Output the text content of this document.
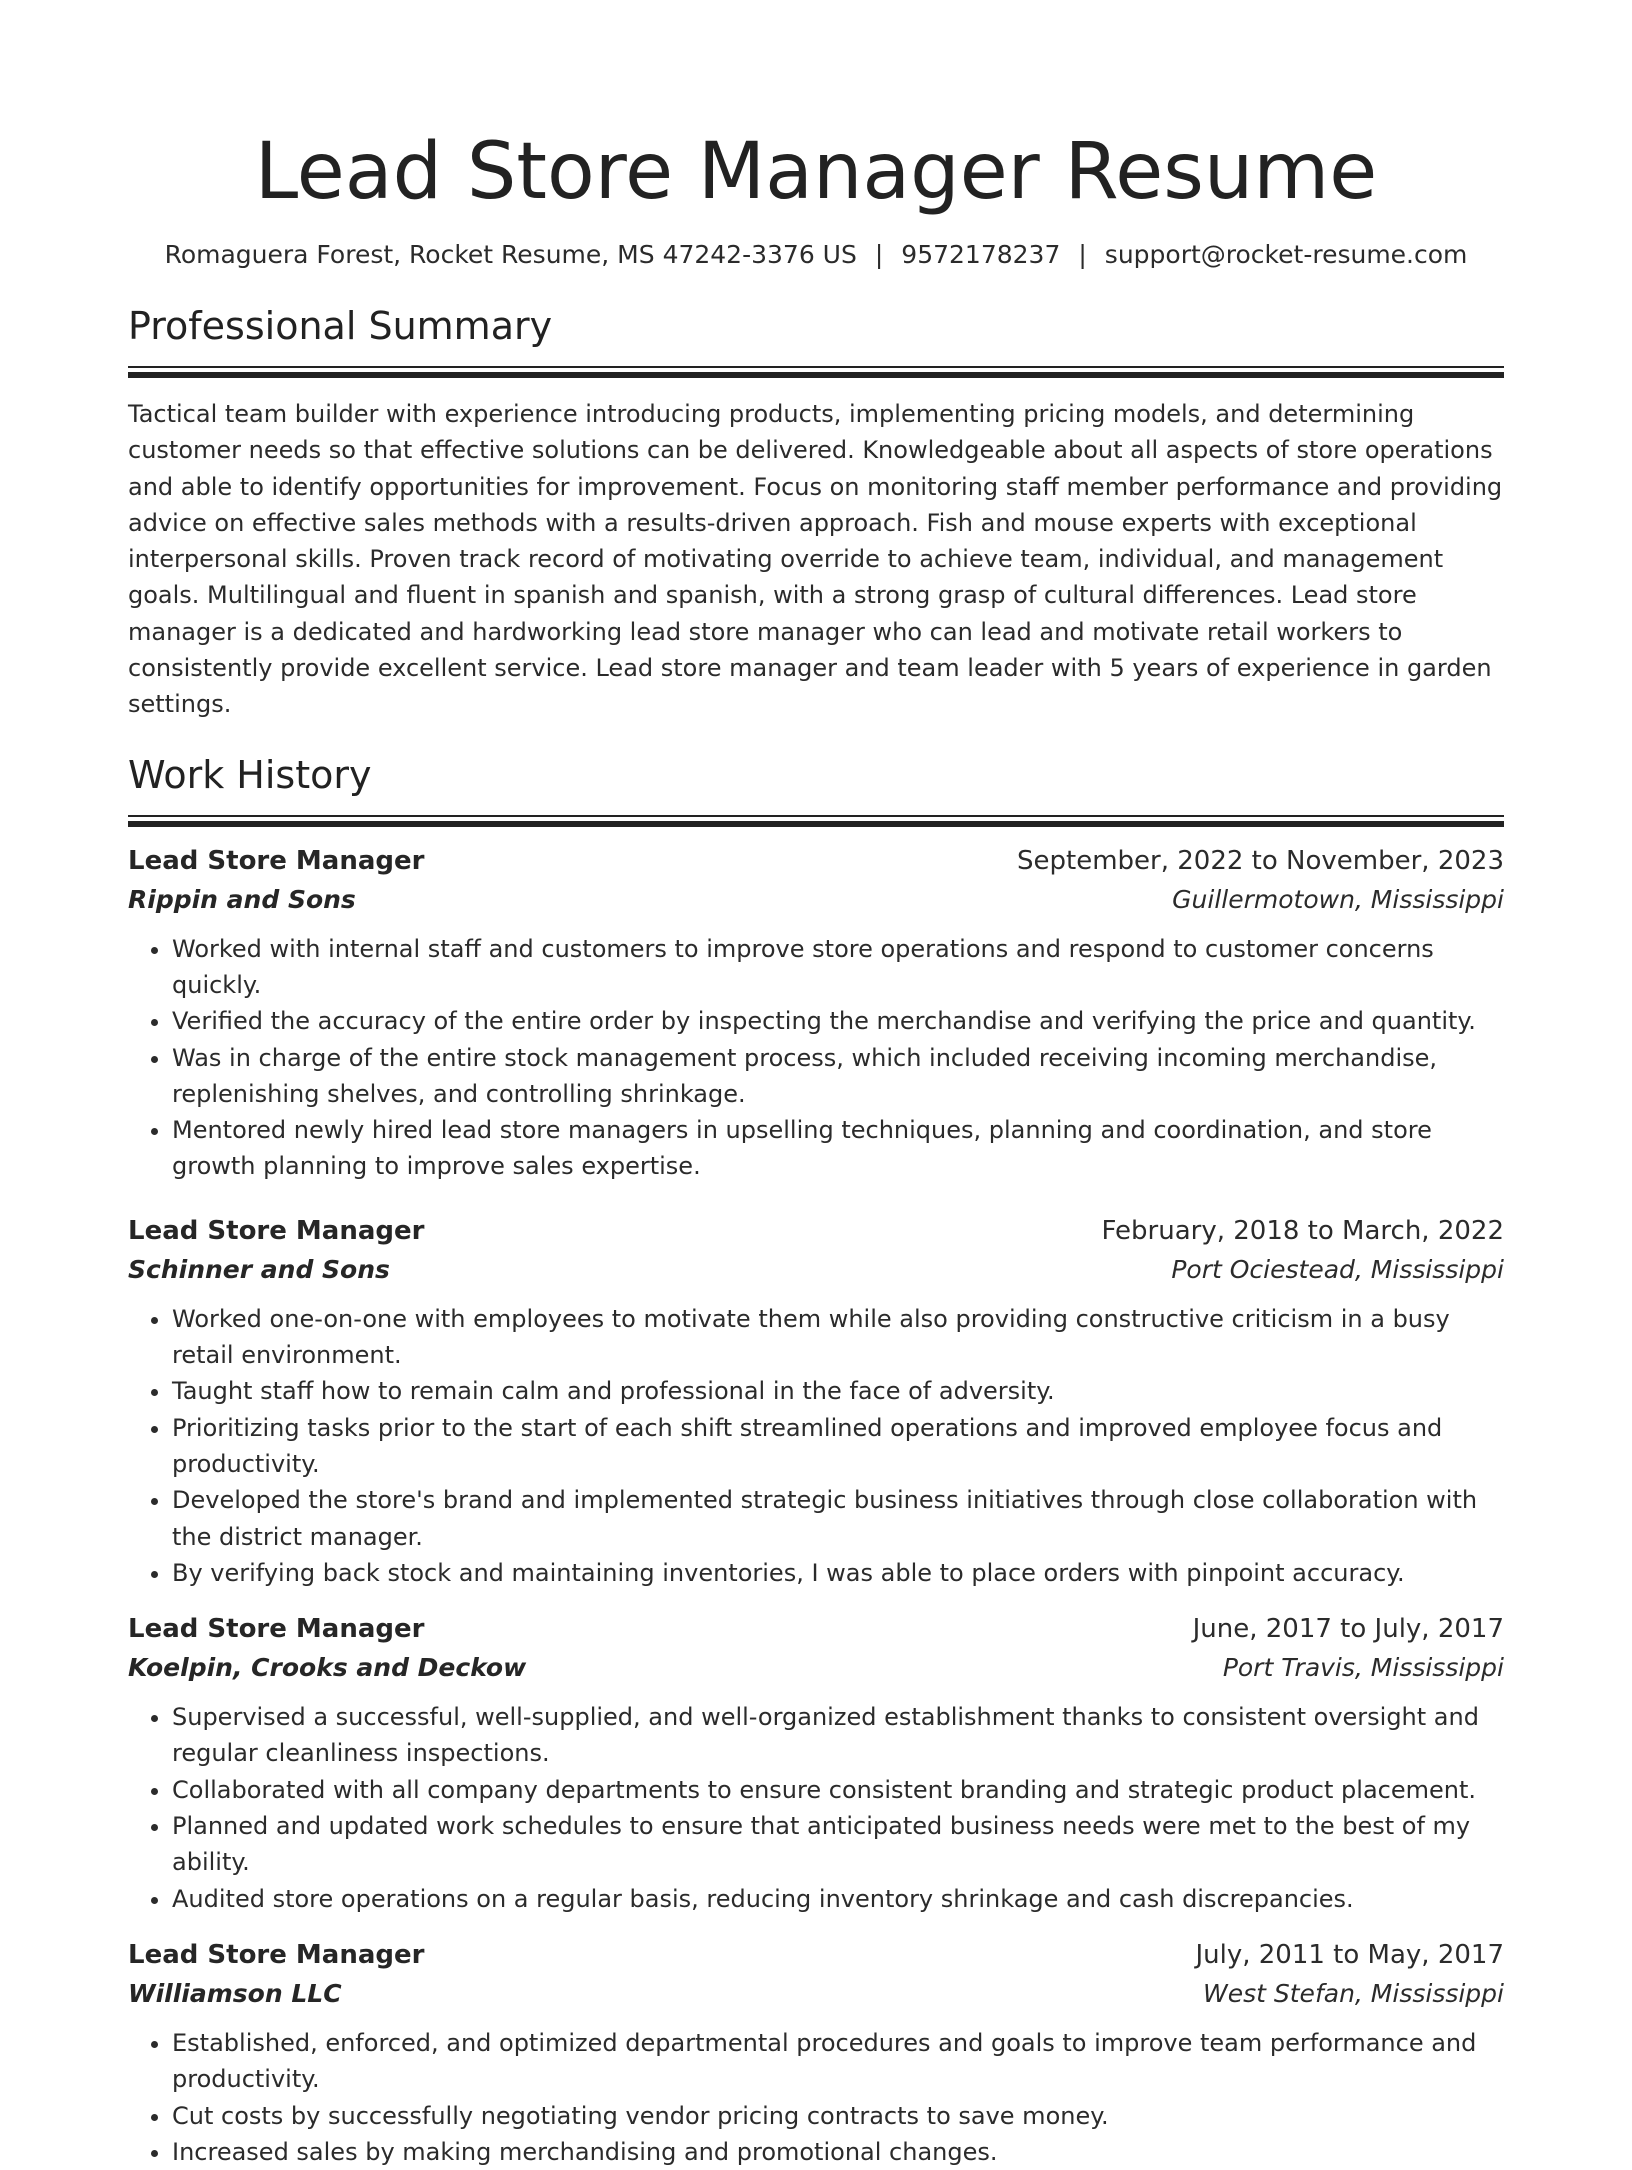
Lead Store Manager Resume
Romaguera Forest, Rocket Resume, MS 47242-3376 US | 9572178237 | support@rocket-resume.com
Professional Summary

Tactical team builder with experience introducing products, implementing pricing models, and determining customer needs so that effective solutions can be delivered. Knowledgeable about all aspects of store operations and able to identify opportunities for improvement. Focus on monitoring staff member performance and providing advice on effective sales methods with a results-driven approach. Fish and mouse experts with exceptional interpersonal skills. Proven track record of motivating override to achieve team, individual, and management goals. Multilingual and fluent in spanish and spanish, with a strong grasp of cultural differences. Lead store manager is a dedicated and hardworking lead store manager who can lead and motivate retail workers to consistently provide excellent service. Lead store manager and team leader with 5 years of experience in garden settings.

Work History
Lead Store Manager	September, 2022 to November, 2023
Rippin and Sons	Guillermotown, Mississippi
• Worked with internal staff and customers to improve store operations and respond to customer concerns quickly.
• Verified the accuracy of the entire order by inspecting the merchandise and verifying the price and quantity.
• Was in charge of the entire stock management process, which included receiving incoming merchandise, replenishing shelves, and controlling shrinkage.
• Mentored newly hired lead store managers in upselling techniques, planning and coordination, and store growth planning to improve sales expertise.
Lead Store Manager	February, 2018 to March, 2022
Schinner and Sons	Port Ociestead, Mississippi
• Worked one-on-one with employees to motivate them while also providing constructive criticism in a busy retail environment.
• Taught staff how to remain calm and professional in the face of adversity.
• Prioritizing tasks prior to the start of each shift streamlined operations and improved employee focus and productivity.
• Developed the store's brand and implemented strategic business initiatives through close collaboration with the district manager.
• By verifying back stock and maintaining inventories, I was able to place orders with pinpoint accuracy.
Lead Store Manager	June, 2017 to July, 2017
Koelpin, Crooks and Deckow	Port Travis, Mississippi
• Supervised a successful, well-supplied, and well-organized establishment thanks to consistent oversight and regular cleanliness inspections.
• Collaborated with all company departments to ensure consistent branding and strategic product placement.
• Planned and updated work schedules to ensure that anticipated business needs were met to the best of my ability.
• Audited store operations on a regular basis, reducing inventory shrinkage and cash discrepancies.
Lead Store Manager	July, 2011 to May, 2017
Williamson LLC	West Stefan, Mississippi
• Established, enforced, and optimized departmental procedures and goals to improve team performance and productivity.
• Cut costs by successfully negotiating vendor pricing contracts to save money.
• Increased sales by making merchandising and promotional changes.
